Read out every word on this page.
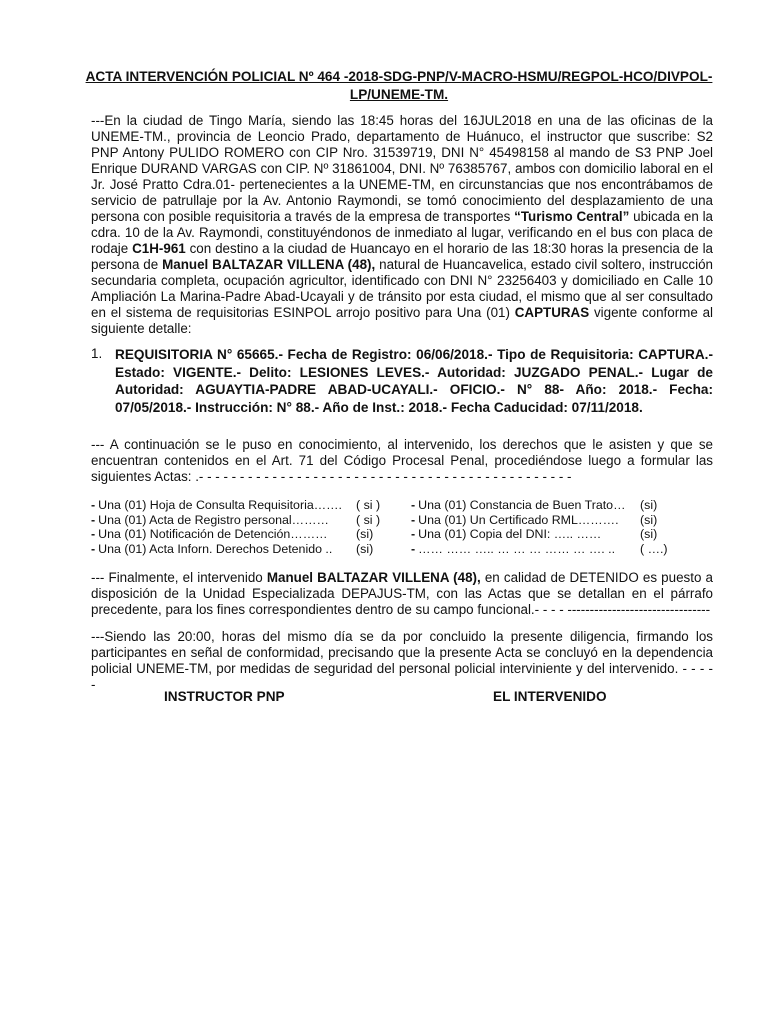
ACTA INTERVENCIÓN POLICIAL Nº 464 -2018-SDG-PNP/V-MACRO-HSMU/REGPOL-HCO/DIVPOL-LP/UNEME-TM.
---En la ciudad de Tingo María, siendo las 18:45 horas del 16JUL2018 en una de las oficinas de la UNEME-TM., provincia de Leoncio Prado, departamento de Huánuco, el instructor que suscribe: S2 PNP Antony PULIDO ROMERO con CIP Nro. 31539719, DNI N° 45498158 al mando de S3 PNP Joel Enrique DURAND VARGAS con CIP. Nº 31861004, DNI. Nº 76385767, ambos con domicilio laboral en el Jr. José Pratto Cdra.01- pertenecientes a la UNEME-TM, en circunstancias que nos encontrábamos de servicio de patrullaje por la Av. Antonio Raymondi, se tomó conocimiento del desplazamiento de una persona con posible requisitoria a través de la empresa de transportes “Turismo Central” ubicada en la cdra. 10 de la Av. Raymondi, constituyéndonos de inmediato al lugar, verificando en el bus con placa de rodaje C1H-961 con destino a la ciudad de Huancayo en el horario de las 18:30 horas la presencia de la persona de Manuel BALTAZAR VILLENA (48), natural de Huancavelica, estado civil soltero, instrucción secundaria completa, ocupación agricultor, identificado con DNI N° 23256403 y domiciliado en Calle 10 Ampliación La Marina-Padre Abad-Ucayali y de tránsito por esta ciudad, el mismo que al ser consultado en el sistema de requisitorias ESINPOL arrojo positivo para Una (01) CAPTURAS vigente conforme al siguiente detalle:
1. REQUISITORIA N° 65665.- Fecha de Registro: 06/06/2018.- Tipo de Requisitoria: CAPTURA.- Estado: VIGENTE.- Delito: LESIONES LEVES.- Autoridad: JUZGADO PENAL.- Lugar de Autoridad: AGUAYTIA-PADRE ABAD-UCAYALI.- OFICIO.- N° 88- Año: 2018.- Fecha: 07/05/2018.- Instrucción: N° 88.- Año de Inst.: 2018.- Fecha Caducidad: 07/11/2018.
--- A continuación se le puso en conocimiento, al intervenido, los derechos que le asisten y que se encuentran contenidos en el Art. 71 del Código Procesal Penal, procediéndose luego a formular las siguientes Actas: .- - - - - - - - - - - - - - - - - - - - - - - - - - - - - - - - - - - - - - - - - - - - - -
- Una (01) Hoja de Consulta Requisitoria……. ( si ) - Una (01) Constancia de Buen Trato… (si)
- Una (01) Acta de Registro personal……… ( si ) - Una (01) Un Certificado RML………. (si)
- Una (01) Notificación de Detención……… (si)	- Una (01) Copia del DNI: ….. ……	(si)
- Una (01) Acta Inforn. Derechos Detenido .. (si)	- …… …… ….. … … … …… … …. .. ( ….)
--- Finalmente, el intervenido Manuel BALTAZAR VILLENA (48), en calidad de DETENIDO es puesto a disposición de la Unidad Especializada DEPAJUS-TM, con las Actas que se detallan en el párrafo precedente, para los fines correspondientes dentro de su campo funcional.- - - - --------------------------------
---Siendo las 20:00, horas del mismo día se da por concluido la presente diligencia, firmando los participantes en señal de conformidad, precisando que la presente Acta se concluyó en la dependencia policial UNEME-TM, por medidas de seguridad del personal policial interviniente y del intervenido. - - - - -
INSTRUCTOR PNP	EL INTERVENIDO
